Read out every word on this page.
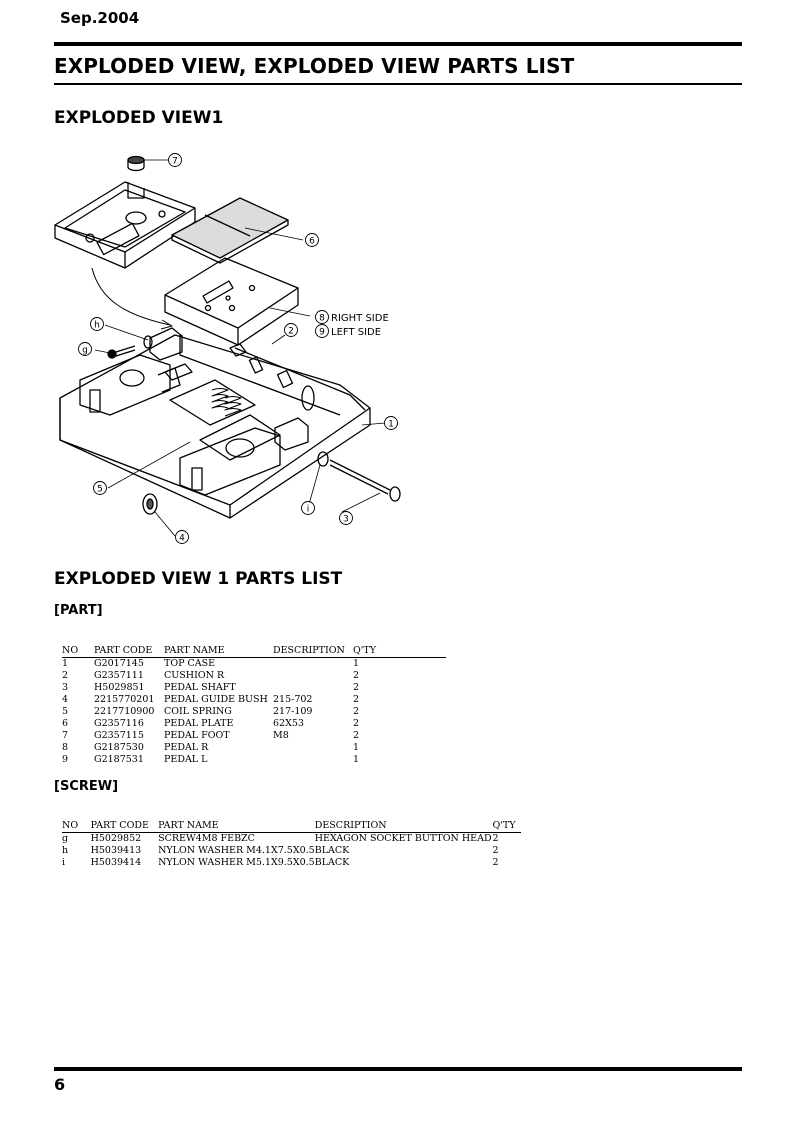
Sep.2004
EXPLODED VIEW, EXPLODED VIEW PARTS LIST
EXPLODED VIEW1
7
6
8
9
2
h
g
1
5
i
3
4
RIGHT SIDE
LEFT SIDE
EXPLODED VIEW 1 PARTS LIST
[PART]
NO	PART CODE	PART NAME	DESCRIPTION	Q'TY
1	G2017145	TOP CASE		1
2	G2357111	CUSHION R		2
3	H5029851	PEDAL SHAFT		2
4	2215770201	PEDAL GUIDE BUSH	215-702	2
5	2217710900	COIL SPRING	217-109	2
6	G2357116	PEDAL PLATE	62X53	2
7	G2357115	PEDAL FOOT	M8	2
8	G2187530	PEDAL R		1
9	G2187531	PEDAL L		1
[SCREW]
NO	PART CODE	PART NAME	DESCRIPTION	Q'TY
g	H5029852	SCREW4M8 FEBZC	HEXAGON SOCKET BUTTON HEAD	2
h	H5039413	NYLON WASHER M4.1X7.5X0.5	BLACK	2
i	H5039414	NYLON WASHER M5.1X9.5X0.5	BLACK	2
6
